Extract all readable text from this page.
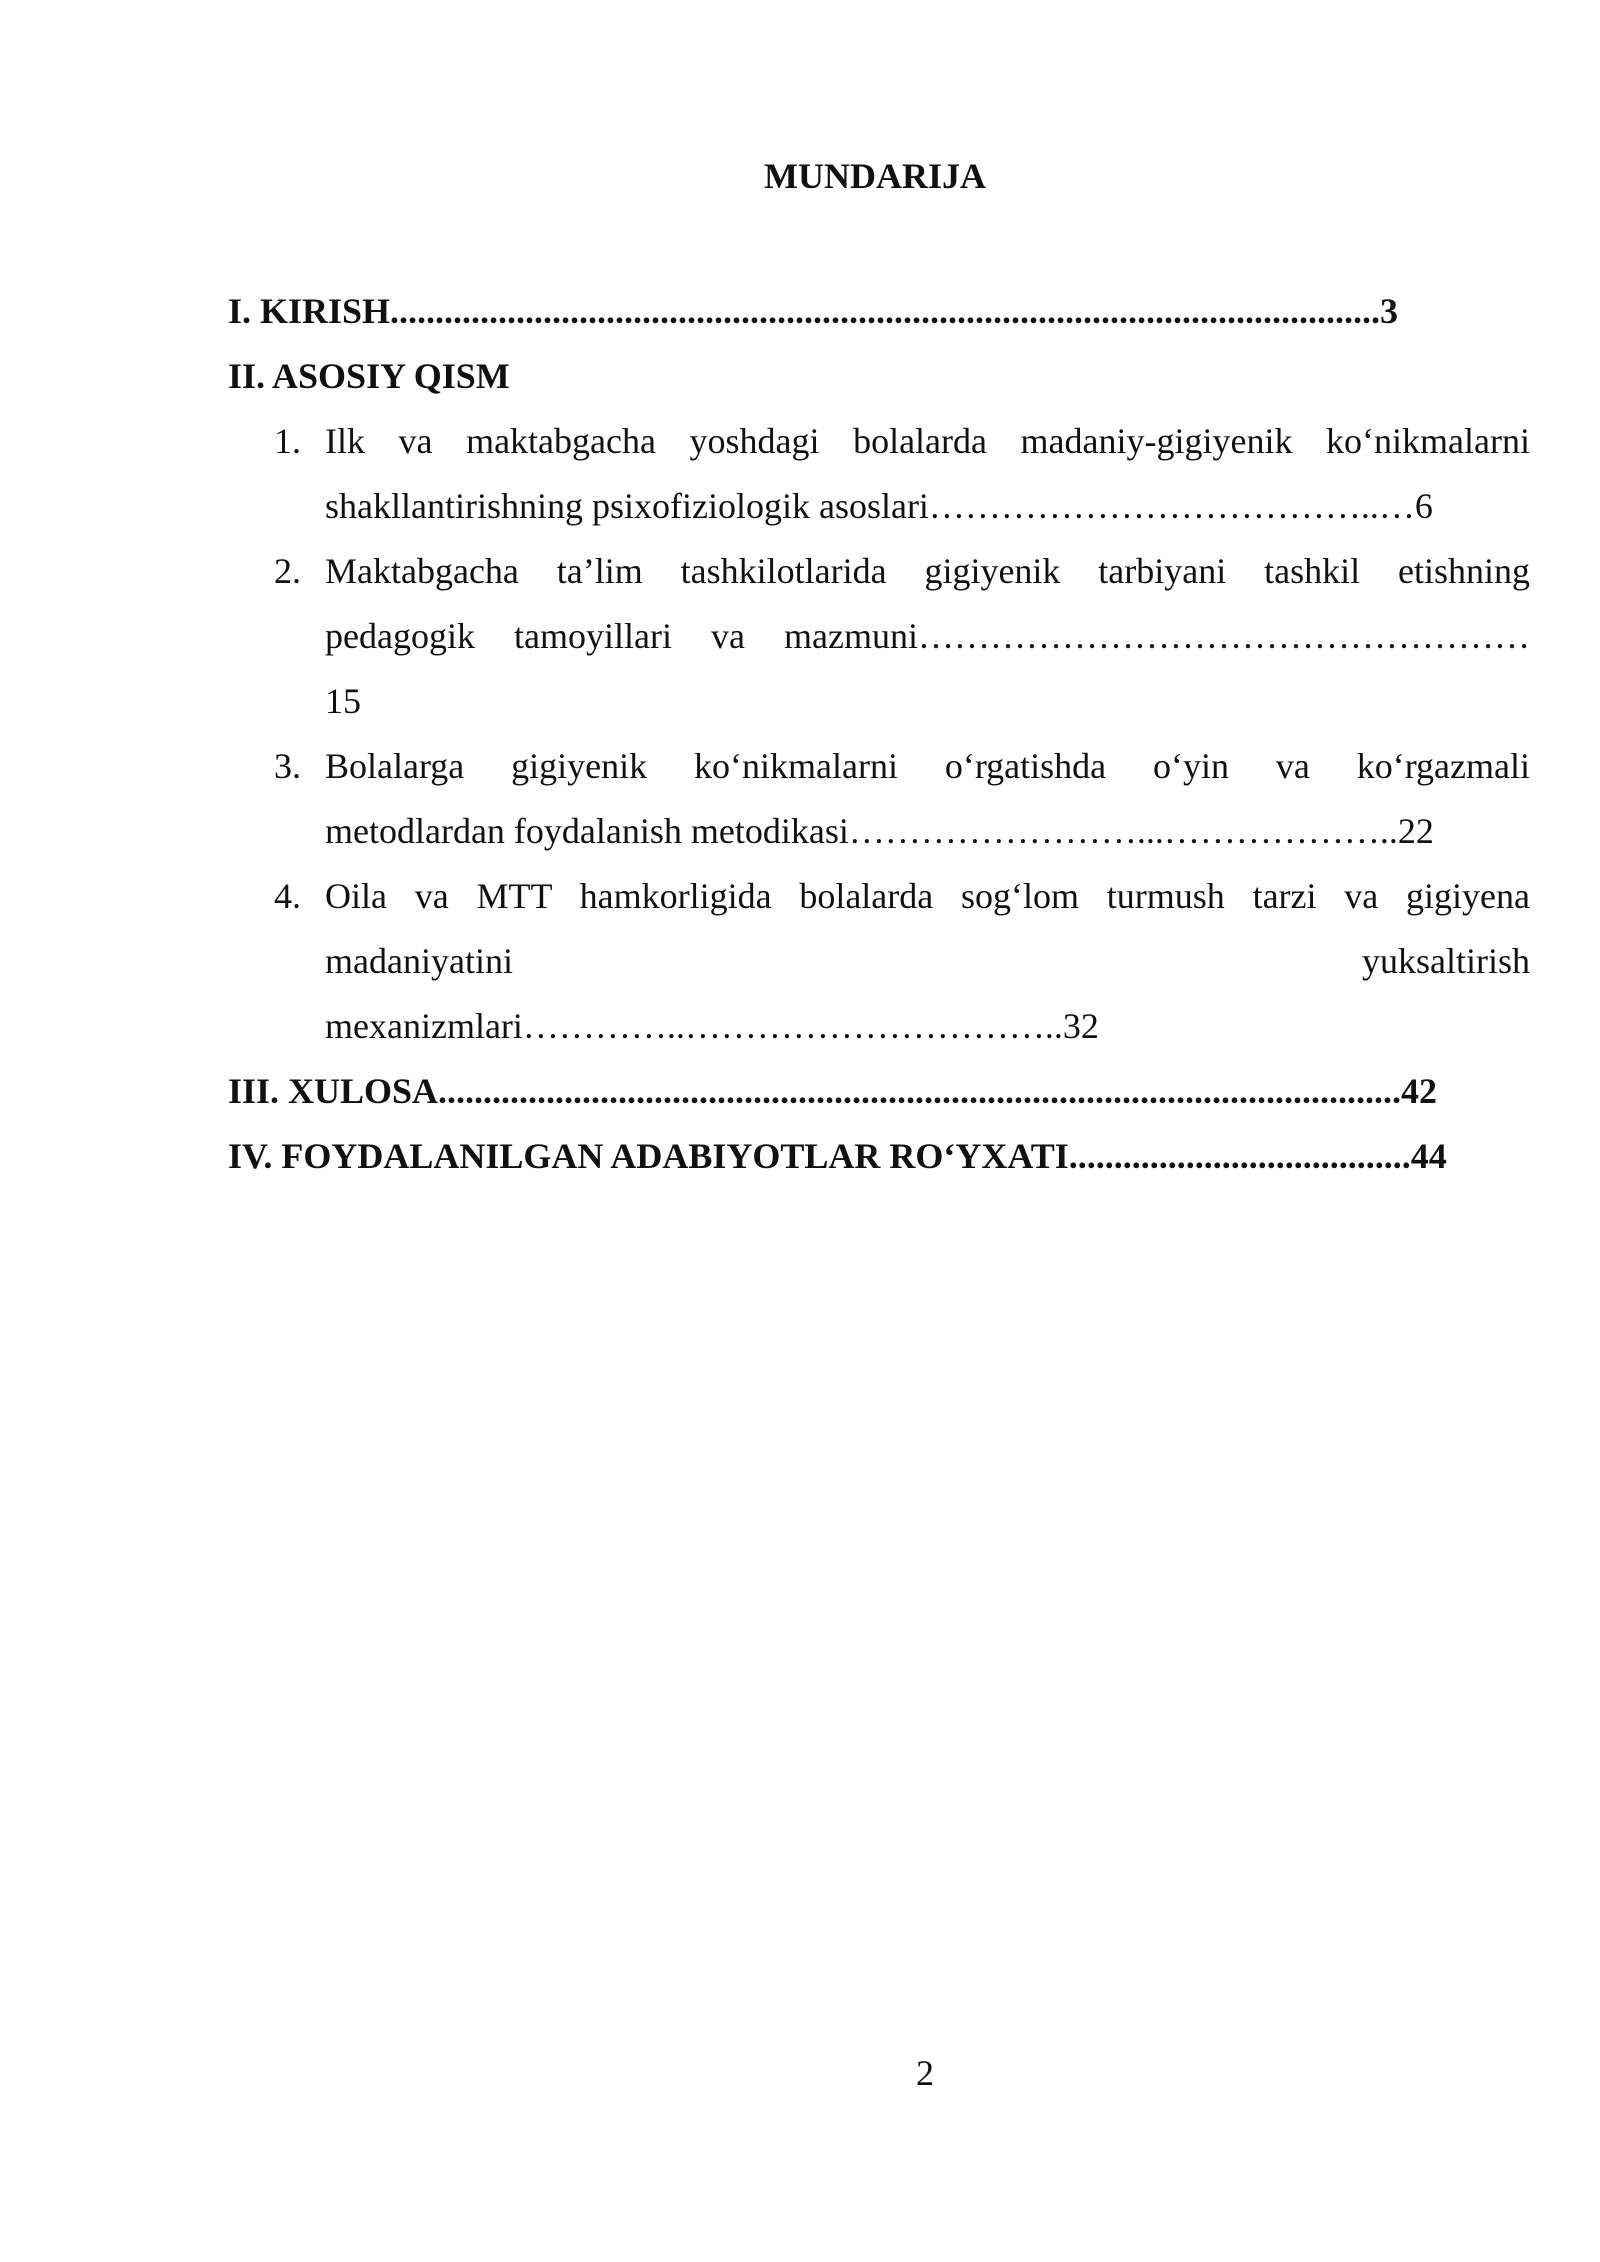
MUNDARIJA
I. KIRISH..............................................................................................................3
II. ASOSIY QISM
1. Ilk va maktabgacha yoshdagi bolalarda madaniy-gigiyenik ko‘nikmalarni
shakllantirishning psixofiziologik asoslari………………………………..…6
2. Maktabgacha ta’lim tashkilotlarida gigiyenik tarbiyani tashkil etishning
pedagogik tamoyillari va mazmuni……………………………………………
15
3. Bolalarga gigiyenik ko‘nikmalarni o‘rgatishda o‘yin va ko‘rgazmali
metodlardan foydalanish metodikasi……………………...………………..22
4. Oila va MTT hamkorligida bolalarda sog‘lom turmush tarzi va gigiyena
madaniyatini yuksaltirish
mexanizmlari…………..…………………………..32
III. XULOSA...........................................................................................................42
IV. FOYDALANILGAN ADABIYOTLAR RO‘YXATI......................................44
2
